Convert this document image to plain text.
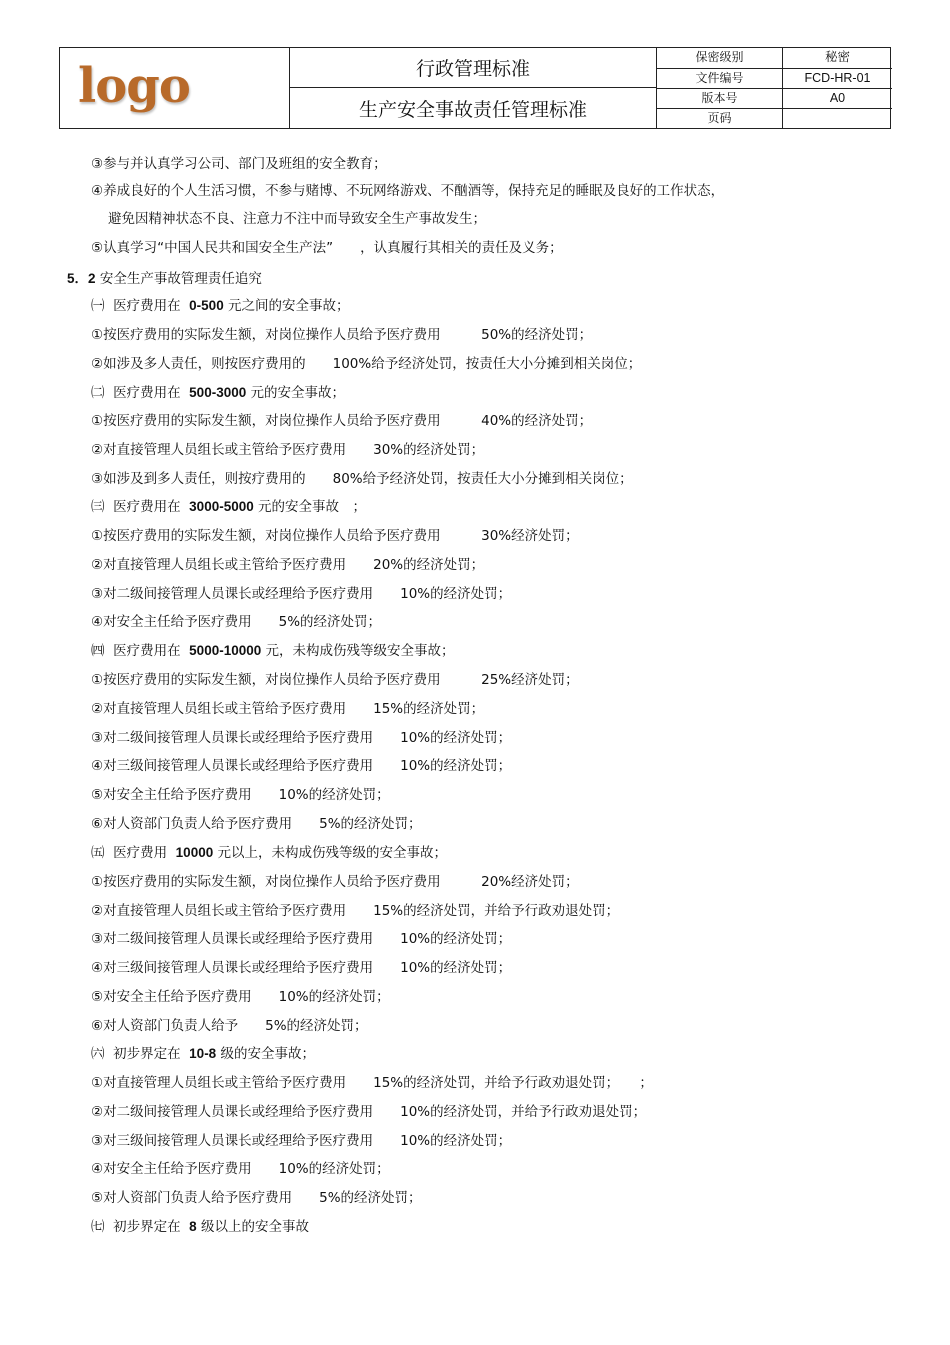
logo	行政管理标准
生产安全事故责任管理标准
保密级别	秘密
文件编号	FCD-HR-01
版本号	A0
页码
③参与并认真学习公司、部门及班组的安全教育；
④养成良好的个人生活习惯，不参与赌博、不玩网络游戏、不酗酒等，保持充足的睡眠及良好的工作状态，
避免因精神状态不良、注意力不注中而导致安全生产事故发生；
⑤认真学习“中国人民共和国安全生产法”　　，认真履行其相关的责任及义务；
5．2 安全生产事故管理责任追究
㈠  医疗费用在  0-500 元之间的安全事故；
①按医疗费用的实际发生额，对岗位操作人员给予医疗费用　　　50%的经济处罚；
②如涉及多人责任，则按医疗费用的　　100%给予经济处罚，按责任大小分摊到相关岗位；
㈡  医疗费用在  500-3000 元的安全事故；
①按医疗费用的实际发生额，对岗位操作人员给予医疗费用　　　40%的经济处罚；
②对直接管理人员组长或主管给予医疗费用　　30%的经济处罚；
③如涉及到多人责任，则按疗费用的　　80%给予经济处罚，按责任大小分摊到相关岗位；
㈢  医疗费用在  3000-5000 元的安全事故　；
①按医疗费用的实际发生额，对岗位操作人员给予医疗费用　　　30%经济处罚；
②对直接管理人员组长或主管给予医疗费用　　20%的经济处罚；
③对二级间接管理人员课长或经理给予医疗费用　　10%的经济处罚；
④对安全主任给予医疗费用　　5%的经济处罚；
㈣  医疗费用在  5000-10000 元，未构成伤残等级安全事故；
①按医疗费用的实际发生额，对岗位操作人员给予医疗费用　　　25%经济处罚；
②对直接管理人员组长或主管给予医疗费用　　15%的经济处罚；
③对二级间接管理人员课长或经理给予医疗费用　　10%的经济处罚；
④对三级间接管理人员课长或经理给予医疗费用　　10%的经济处罚；
⑤对安全主任给予医疗费用　　10%的经济处罚；
⑥对人资部门负责人给予医疗费用　　5%的经济处罚；
㈤  医疗费用  10000 元以上，未构成伤残等级的安全事故；
①按医疗费用的实际发生额，对岗位操作人员给予医疗费用　　　20%经济处罚；
②对直接管理人员组长或主管给予医疗费用　　15%的经济处罚，并给予行政劝退处罚；
③对二级间接管理人员课长或经理给予医疗费用　　10%的经济处罚；
④对三级间接管理人员课长或经理给予医疗费用　　10%的经济处罚；
⑤对安全主任给予医疗费用　　10%的经济处罚；
⑥对人资部门负责人给予　　5%的经济处罚；
㈥  初步界定在  10-8 级的安全事故；
①对直接管理人员组长或主管给予医疗费用　　15%的经济处罚，并给予行政劝退处罚；　　；
②对二级间接管理人员课长或经理给予医疗费用　　10%的经济处罚，并给予行政劝退处罚；
③对三级间接管理人员课长或经理给予医疗费用　　10%的经济处罚；
④对安全主任给予医疗费用　　10%的经济处罚；
⑤对人资部门负责人给予医疗费用　　5%的经济处罚；
㈦  初步界定在  8 级以上的安全事故
